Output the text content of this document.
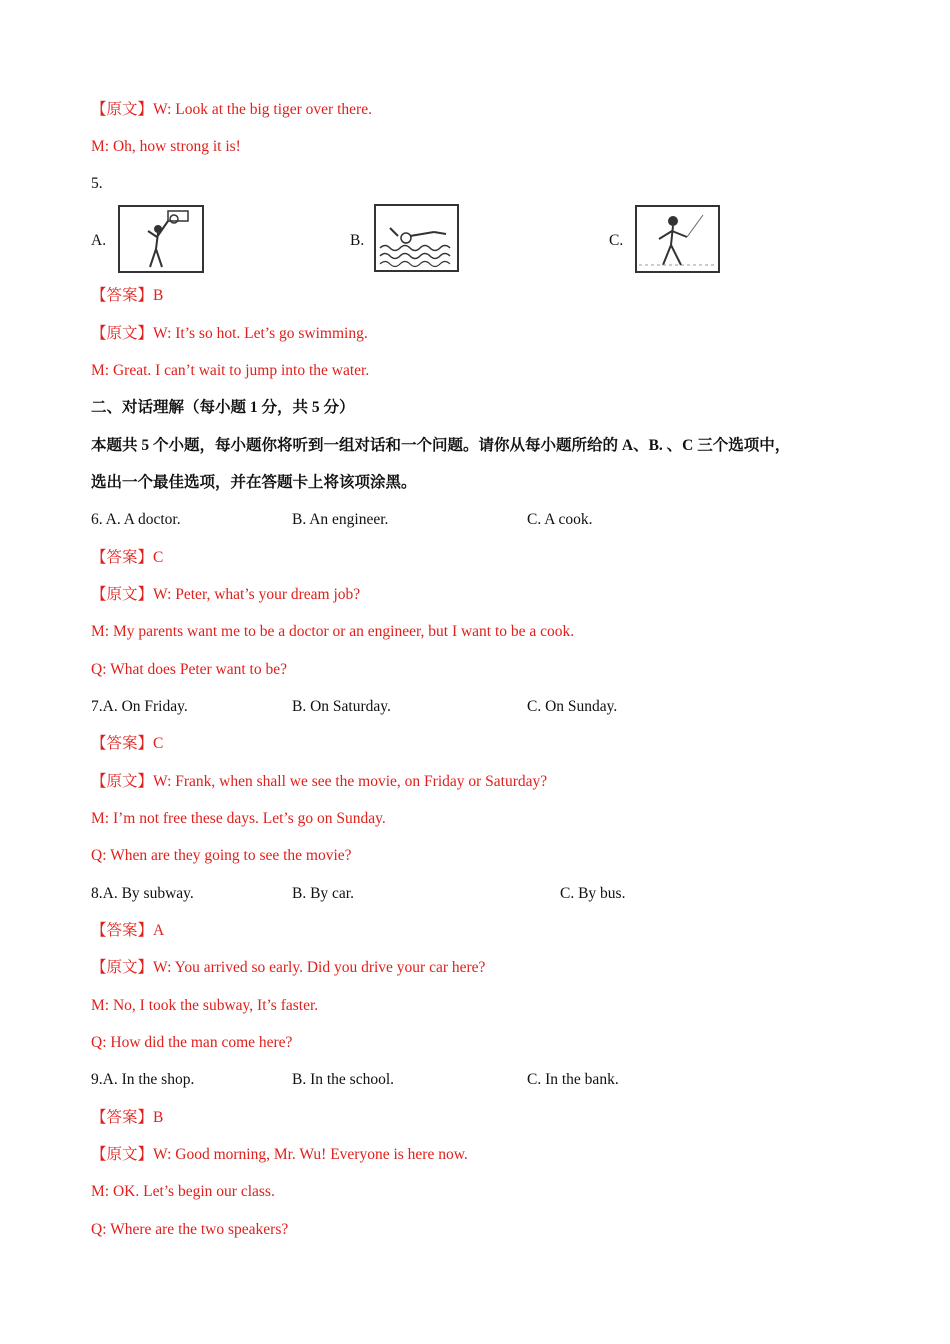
【原文】W: Look at the big tiger over there.
M: Oh, how strong it is!
5.
A.	B.	C.
【答案】B
【原文】W: It’s so hot. Let’s go swimming.
M: Great. I can’t wait to jump into the water.
二、对话理解（每小题 1 分，共 5 分）
本题共 5 个小题，每小题你将听到一组对话和一个问题。请你从每小题所给的 A、B. 、C 三个选项中，
选出一个最佳选项，并在答题卡上将该项涂黑。
6. A. A doctor.	B. An engineer.	C. A cook.
【答案】C
【原文】W: Peter, what’s your dream job?
M: My parents want me to be a doctor or an engineer, but I want to be a cook.
Q: What does Peter want to be?
7.A. On Friday.	B. On Saturday.	C. On Sunday.
【答案】C
【原文】W: Frank, when shall we see the movie, on Friday or Saturday?
M: I’m not free these days. Let’s go on Sunday.
Q: When are they going to see the movie?
8.A. By subway.	B. By car.	C. By bus.
【答案】A
【原文】W: You arrived so early. Did you drive your car here?
M: No, I took the subway, It’s faster.
Q: How did the man come here?
9.A. In the shop.	B. In the school.	C. In the bank.
【答案】B
【原文】W: Good morning, Mr. Wu! Everyone is here now.
M: OK. Let’s begin our class.
Q: Where are the two speakers?
